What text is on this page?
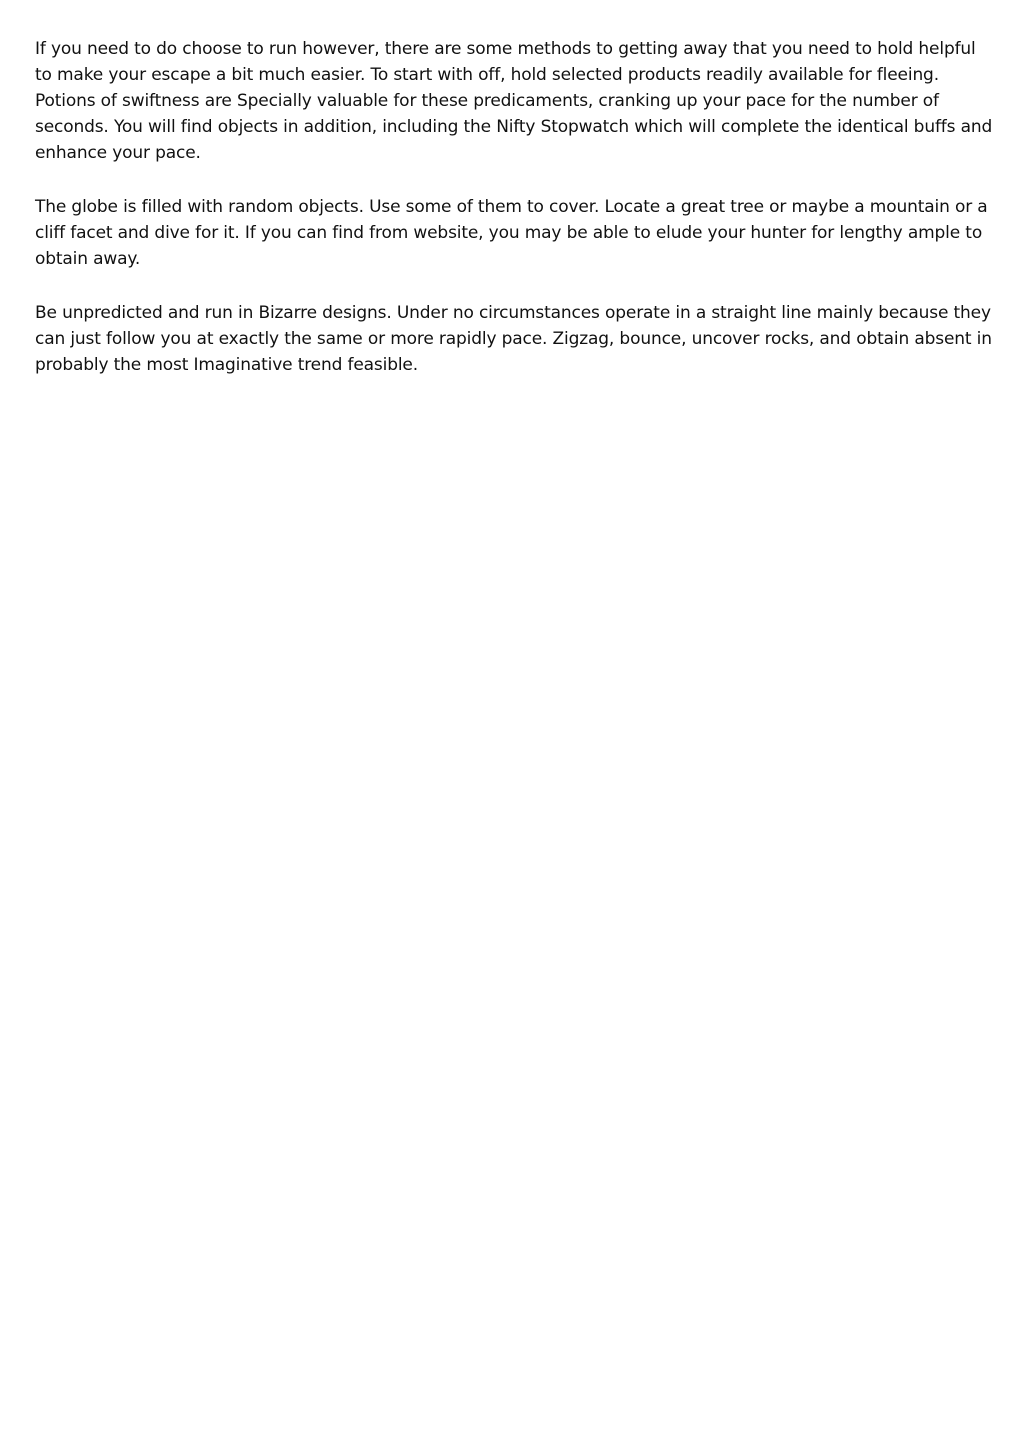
If you need to do choose to run however, there are some methods to getting away that you need to hold helpful to make your escape a bit much easier. To start with off, hold selected products readily available for fleeing. Potions of swiftness are Specially valuable for these predicaments, cranking up your pace for the number of seconds. You will find objects in addition, including the Nifty Stopwatch which will complete the identical buffs and enhance your pace.

The globe is filled with random objects. Use some of them to cover. Locate a great tree or maybe a mountain or a cliff facet and dive for it. If you can find from website, you may be able to elude your hunter for lengthy ample to obtain away.

Be unpredicted and run in Bizarre designs. Under no circumstances operate in a straight line mainly because they can just follow you at exactly the same or more rapidly pace. Zigzag, bounce, uncover rocks, and obtain absent in probably the most Imaginative trend feasible.
